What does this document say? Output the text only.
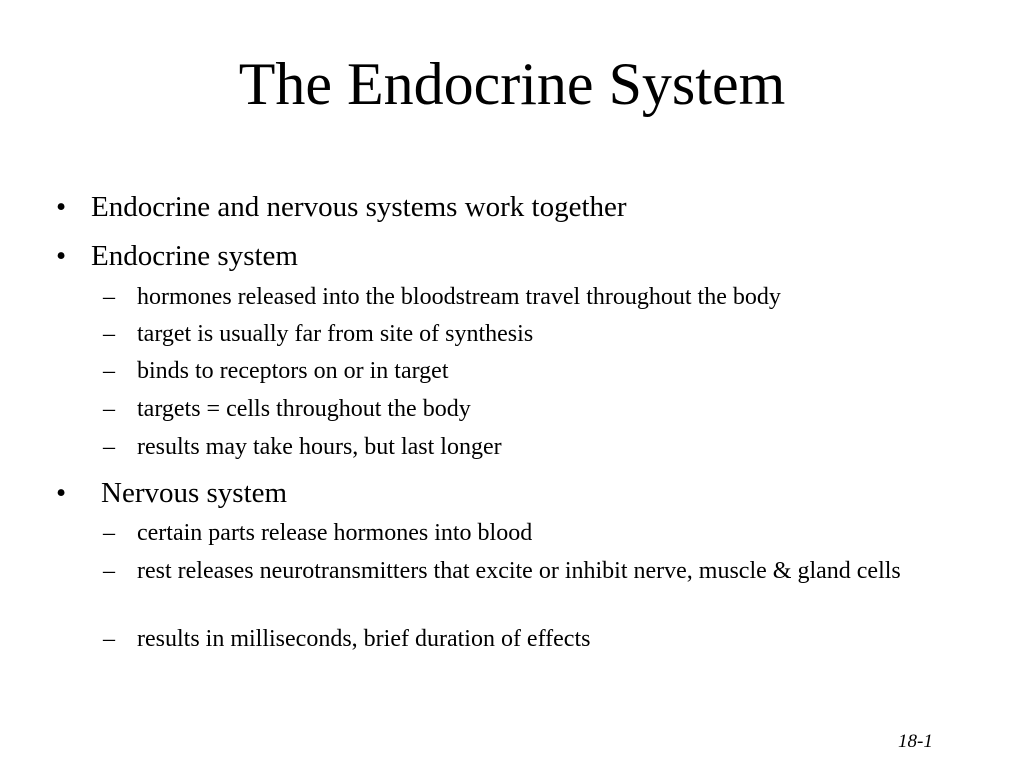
The Endocrine System
• Endocrine and nervous systems work together
• Endocrine system
– hormones released into the bloodstream travel throughout the body
– target is usually far from site of synthesis
– binds to receptors on or in target
– targets = cells throughout the body
– results may take hours, but last longer
• Nervous system
– certain parts release hormones into blood
– rest releases neurotransmitters that excite or inhibit nerve, muscle & gland cells
– results in milliseconds, brief duration of effects
18-1
